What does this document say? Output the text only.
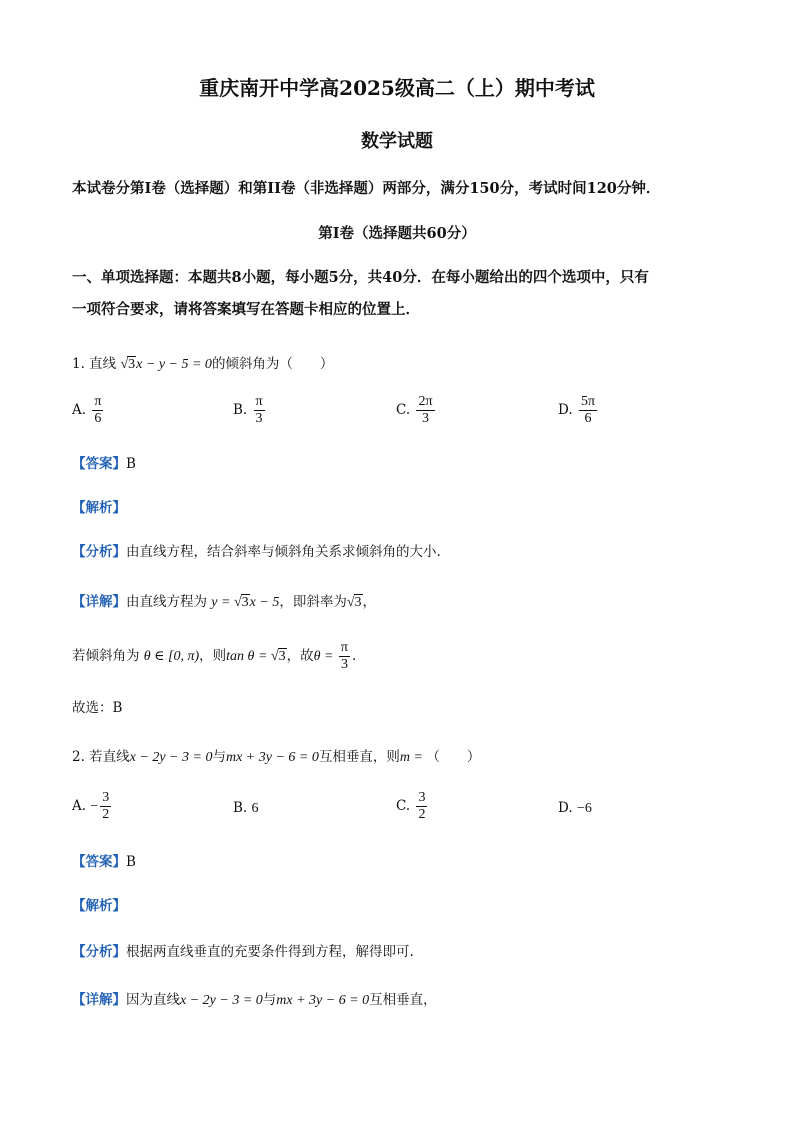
重庆南开中学高2025级高二（上）期中考试
数学试题
本试卷分第I卷（选择题）和第II卷（非选择题）两部分，满分150分，考试时间120分钟．
第I卷（选择题共60分）
一、单项选择题：本题共8小题，每小题5分，共40分．在每小题给出的四个选项中，只有
一项符合要求，请将答案填写在答题卡相应的位置上．
1. 直线 √3x − y − 5 = 0的倾斜角为（　　）
A. $\frac{\pi}{6}$	B. $\frac{\pi}{3}$	C. $\frac{2\pi}{3}$	D. $\frac{5\pi}{6}$
【答案】B
【解析】
【分析】由直线方程，结合斜率与倾斜角关系求倾斜角的大小.
【详解】由直线方程为 y = √3x − 5，即斜率为√3，
若倾斜角为 θ ∈ [0, π)，则tan θ = √3，故$\theta = \frac{\pi}{3}$ .
故选：B
2. 若直线x − 2y − 3 = 0与mx + 3y − 6 = 0互相垂直，则m = （　　）
A. − $\frac{3}{2}$	B. 6	C. $\frac{3}{2}$	D. −6
【答案】B
【解析】
【分析】根据两直线垂直的充要条件得到方程，解得即可.
【详解】因为直线x − 2y − 3 = 0与mx + 3y − 6 = 0互相垂直，
